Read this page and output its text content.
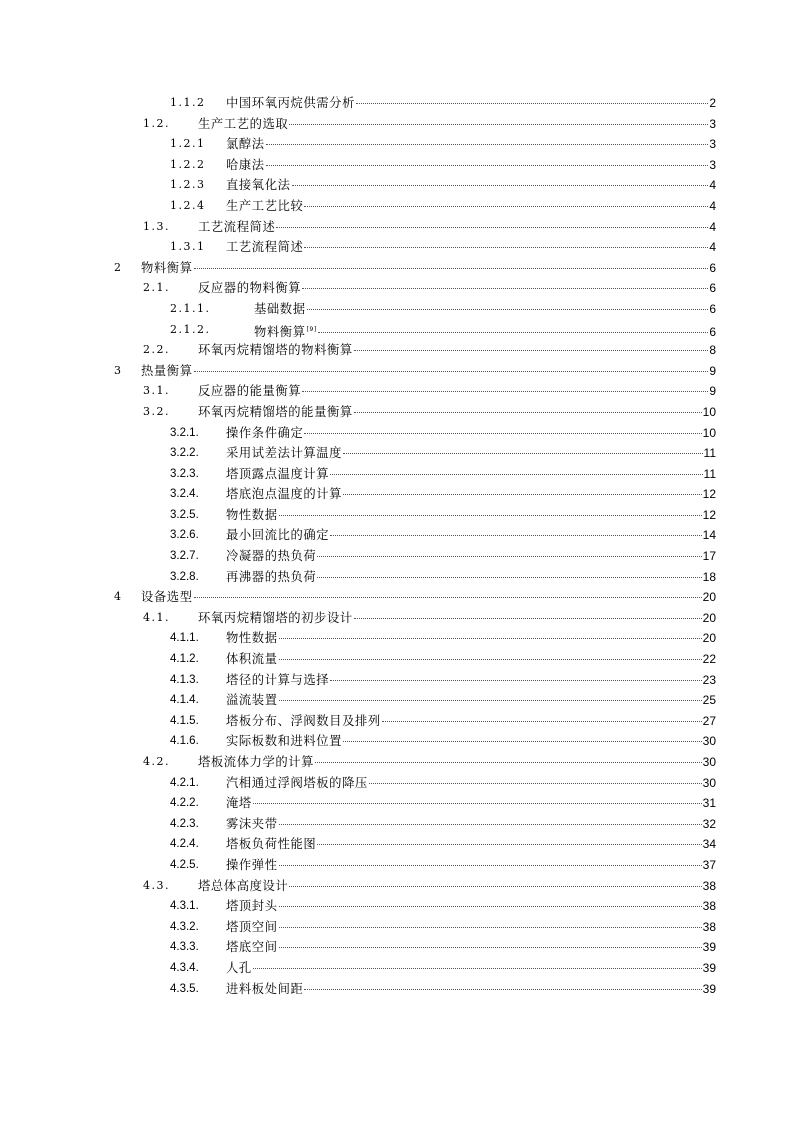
1.1.2 中国环氧丙烷供需分析	2
1.2. 生产工艺的选取	3
1.2.1 氯醇法	3
1.2.2 哈康法	3
1.2.3 直接氧化法	4
1.2.4 生产工艺比较	4
1.3. 工艺流程简述	4
1.3.1 工艺流程简述	4
2 物料衡算	6
2.1. 反应器的物料衡算	6
2.1.1.	基础数据	6
2.1.2.	物料衡算[9]	6
2.2. 环氧丙烷精馏塔的物料衡算	8
3 热量衡算	9
3.1. 反应器的能量衡算	9
3.2. 环氧丙烷精馏塔的能量衡算	10
3.2.1. 操作条件确定	10
3.2.2. 采用试差法计算温度	11
3.2.3. 塔顶露点温度计算	11
3.2.4. 塔底泡点温度的计算	12
3.2.5. 物性数据	12
3.2.6. 最小回流比的确定	14
3.2.7. 冷凝器的热负荷	17
3.2.8. 再沸器的热负荷	18
4 设备选型	20
4.1. 环氧丙烷精馏塔的初步设计	20
4.1.1. 物性数据	20
4.1.2. 体积流量	22
4.1.3. 塔径的计算与选择	23
4.1.4. 溢流装置	25
4.1.5. 塔板分布、浮阀数目及排列	27
4.1.6. 实际板数和进料位置	30
4.2. 塔板流体力学的计算	30
4.2.1. 汽相通过浮阀塔板的降压	30
4.2.2. 淹塔	31
4.2.3. 雾沫夹带	32
4.2.4. 塔板负荷性能图	34
4.2.5. 操作弹性	37
4.3. 塔总体高度设计	38
4.3.1. 塔顶封头	38
4.3.2. 塔顶空间	38
4.3.3. 塔底空间	39
4.3.4. 人孔	39
4.3.5. 进料板处间距	39
